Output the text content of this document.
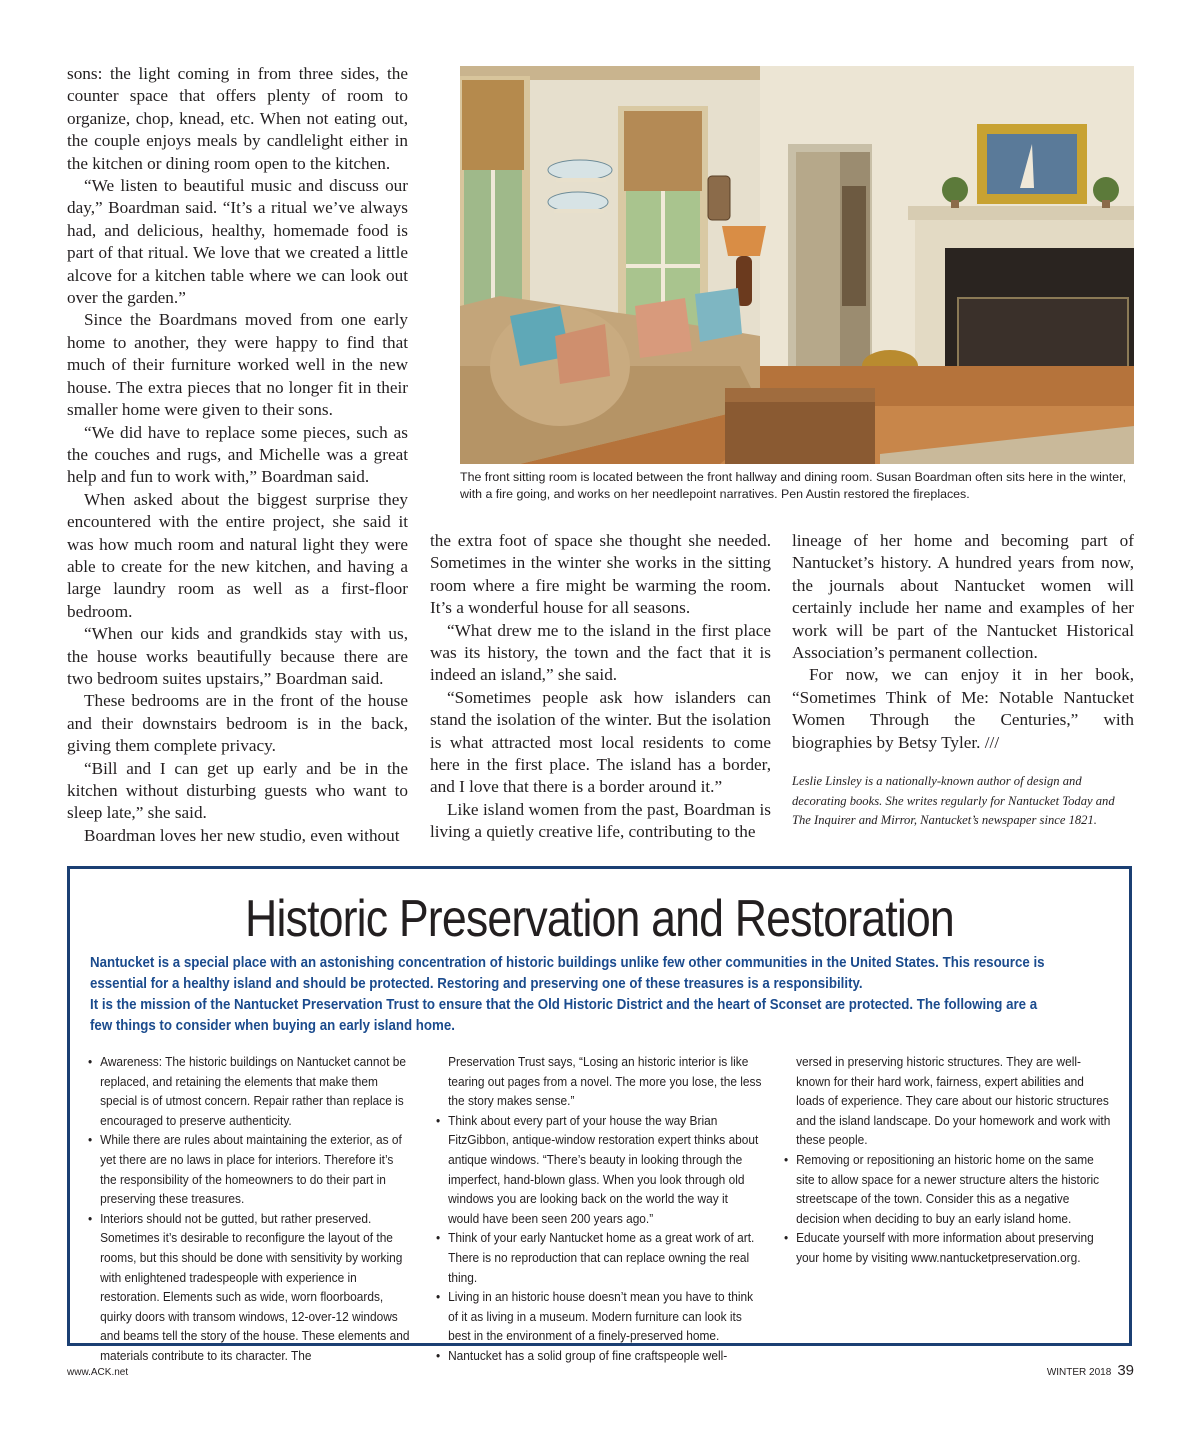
sons: the light coming in from three sides, the counter space that offers plenty of room to organize, chop, knead, etc. When not eating out, the couple enjoys meals by candlelight either in the kitchen or dining room open to the kitchen.

“We listen to beautiful music and discuss our day,” Boardman said. “It’s a ritual we’ve always had, and delicious, healthy, homemade food is part of that ritual. We love that we created a little alcove for a kitchen table where we can look out over the garden.”

Since the Boardmans moved from one early home to another, they were happy to find that much of their furniture worked well in the new house. The extra pieces that no longer fit in their smaller home were given to their sons.

“We did have to replace some pieces, such as the couches and rugs, and Michelle was a great help and fun to work with,” Boardman said.

When asked about the biggest surprise they encountered with the entire project, she said it was how much room and natural light they were able to create for the new kitchen, and having a large laundry room as well as a first-floor bedroom.

“When our kids and grandkids stay with us, the house works beautifully because there are two bedroom suites upstairs,” Boardman said.

These bedrooms are in the front of the house and their downstairs bedroom is in the back, giving them complete privacy.

“Bill and I can get up early and be in the kitchen without disturbing guests who want to sleep late,” she said.

Boardman loves her new studio, even without

The front sitting room is located between the front hallway and dining room. Susan Boardman often sits here in the winter, with a fire going, and works on her needlepoint narratives. Pen Austin restored the fireplaces.

the extra foot of space she thought she needed. Sometimes in the winter she works in the sitting room where a fire might be warming the room. It’s a wonderful house for all seasons.

“What drew me to the island in the first place was its history, the town and the fact that it is indeed an island,” she said.

“Sometimes people ask how islanders can stand the isolation of the winter. But the isolation is what attracted most local residents to come here in the first place. The island has a border, and I love that there is a border around it.”

Like island women from the past, Boardman is living a quietly creative life, contributing to the

lineage of her home and becoming part of Nantucket’s history. A hundred years from now, the journals about Nantucket women will certainly include her name and examples of her work will be part of the Nantucket Historical Association’s permanent collection.

For now, we can enjoy it in her book, “Sometimes Think of Me: Notable Nantucket Women Through the Centuries,” with biographies by Betsy Tyler. ///

Leslie Linsley is a nationally-known author of design and decorating books. She writes regularly for Nantucket Today and The Inquirer and Mirror, Nantucket’s newspaper since 1821.

Historic Preservation and Restoration

Nantucket is a special place with an astonishing concentration of historic buildings unlike few other communities in the United States. This resource is essential for a healthy island and should be protected. Restoring and preserving one of these treasures is a responsibility.

It is the mission of the Nantucket Preservation Trust to ensure that the Old Historic District and the heart of Sconset are protected. The following are a few things to consider when buying an early island home.

• Awareness: The historic buildings on Nantucket cannot be replaced, and retaining the elements that make them special is of utmost concern. Repair rather than replace is encouraged to preserve authenticity.
• While there are rules about maintaining the exterior, as of yet there are no laws in place for interiors. Therefore it’s the responsibility of the homeowners to do their part in preserving these treasures.
• Interiors should not be gutted, but rather preserved. Sometimes it’s desirable to reconfigure the layout of the rooms, but this should be done with sensitivity by working with enlightened tradespeople with experience in restoration. Elements such as wide, worn floorboards, quirky doors with transom windows, 12-over-12 windows and beams tell the story of the house. These elements and materials contribute to its character. The
Preservation Trust says, “Losing an historic interior is like tearing out pages from a novel. The more you lose, the less the story makes sense.”
• Think about every part of your house the way Brian FitzGibbon, antique-window restoration expert thinks about antique windows. “There’s beauty in looking through the imperfect, hand-blown glass. When you look through old windows you are looking back on the world the way it would have been seen 200 years ago.”
• Think of your early Nantucket home as a great work of art. There is no reproduction that can replace owning the real thing.
• Living in an historic house doesn’t mean you have to think of it as living in a museum. Modern furniture can look its best in the environment of a finely-preserved home.
• Nantucket has a solid group of fine craftspeople well-
versed in preserving historic structures. They are well-known for their hard work, fairness, expert abilities and loads of experience. They care about our historic structures and the island landscape. Do your homework and work with these people.
• Removing or repositioning an historic home on the same site to allow space for a newer structure alters the historic streetscape of the town. Consider this as a negative decision when deciding to buy an early island home.
• Educate yourself with more information about preserving your home by visiting www.nantucketpreservation.org.
www.ACK.net	WINTER 2018 39
